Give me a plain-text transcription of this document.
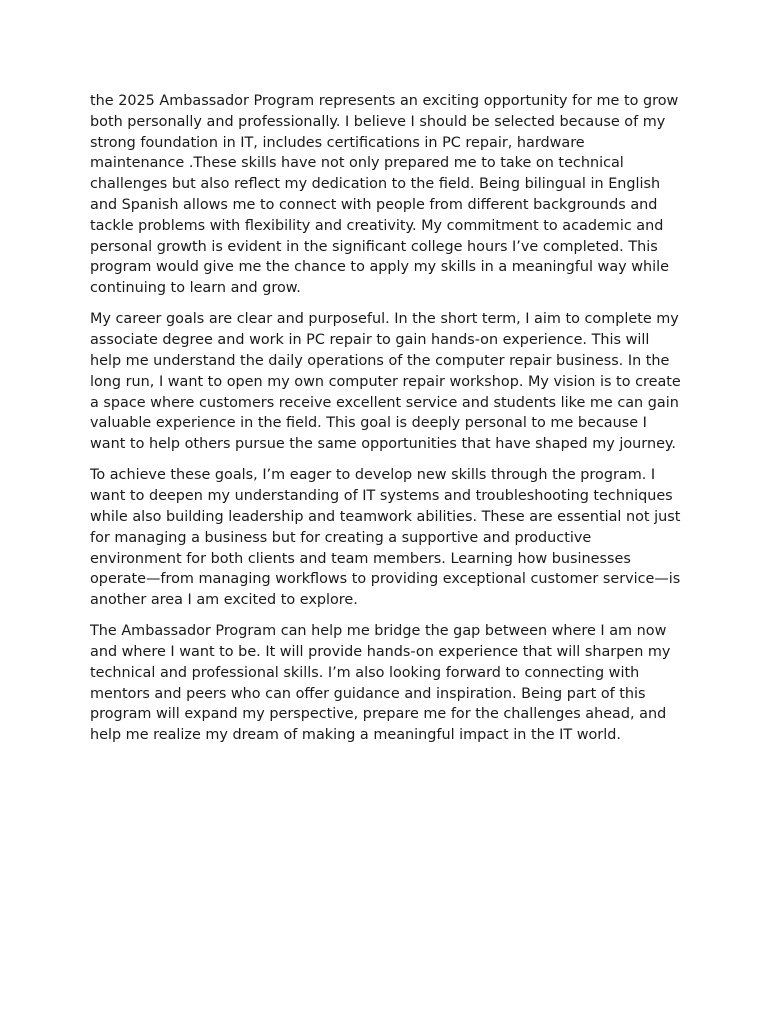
the 2025 Ambassador Program represents an exciting opportunity for me to grow both personally and professionally. I believe I should be selected because of my strong foundation in IT, includes certifications in PC repair, hardware maintenance .These skills have not only prepared me to take on technical challenges but also reflect my dedication to the field. Being bilingual in English and Spanish allows me to connect with people from different backgrounds and tackle problems with flexibility and creativity. My commitment to academic and personal growth is evident in the significant college hours I’ve completed. This program would give me the chance to apply my skills in a meaningful way while continuing to learn and grow.

My career goals are clear and purposeful. In the short term, I aim to complete my associate degree and work in PC repair to gain hands-on experience. This will help me understand the daily operations of the computer repair business. In the long run, I want to open my own computer repair workshop. My vision is to create a space where customers receive excellent service and students like me can gain valuable experience in the field. This goal is deeply personal to me because I want to help others pursue the same opportunities that have shaped my journey.

To achieve these goals, I’m eager to develop new skills through the program. I want to deepen my understanding of IT systems and troubleshooting techniques while also building leadership and teamwork abilities. These are essential not just for managing a business but for creating a supportive and productive environment for both clients and team members. Learning how businesses operate—from managing workflows to providing exceptional customer service—is another area I am excited to explore.

The Ambassador Program can help me bridge the gap between where I am now and where I want to be. It will provide hands-on experience that will sharpen my technical and professional skills. I’m also looking forward to connecting with mentors and peers who can offer guidance and inspiration. Being part of this program will expand my perspective, prepare me for the challenges ahead, and help me realize my dream of making a meaningful impact in the IT world.
